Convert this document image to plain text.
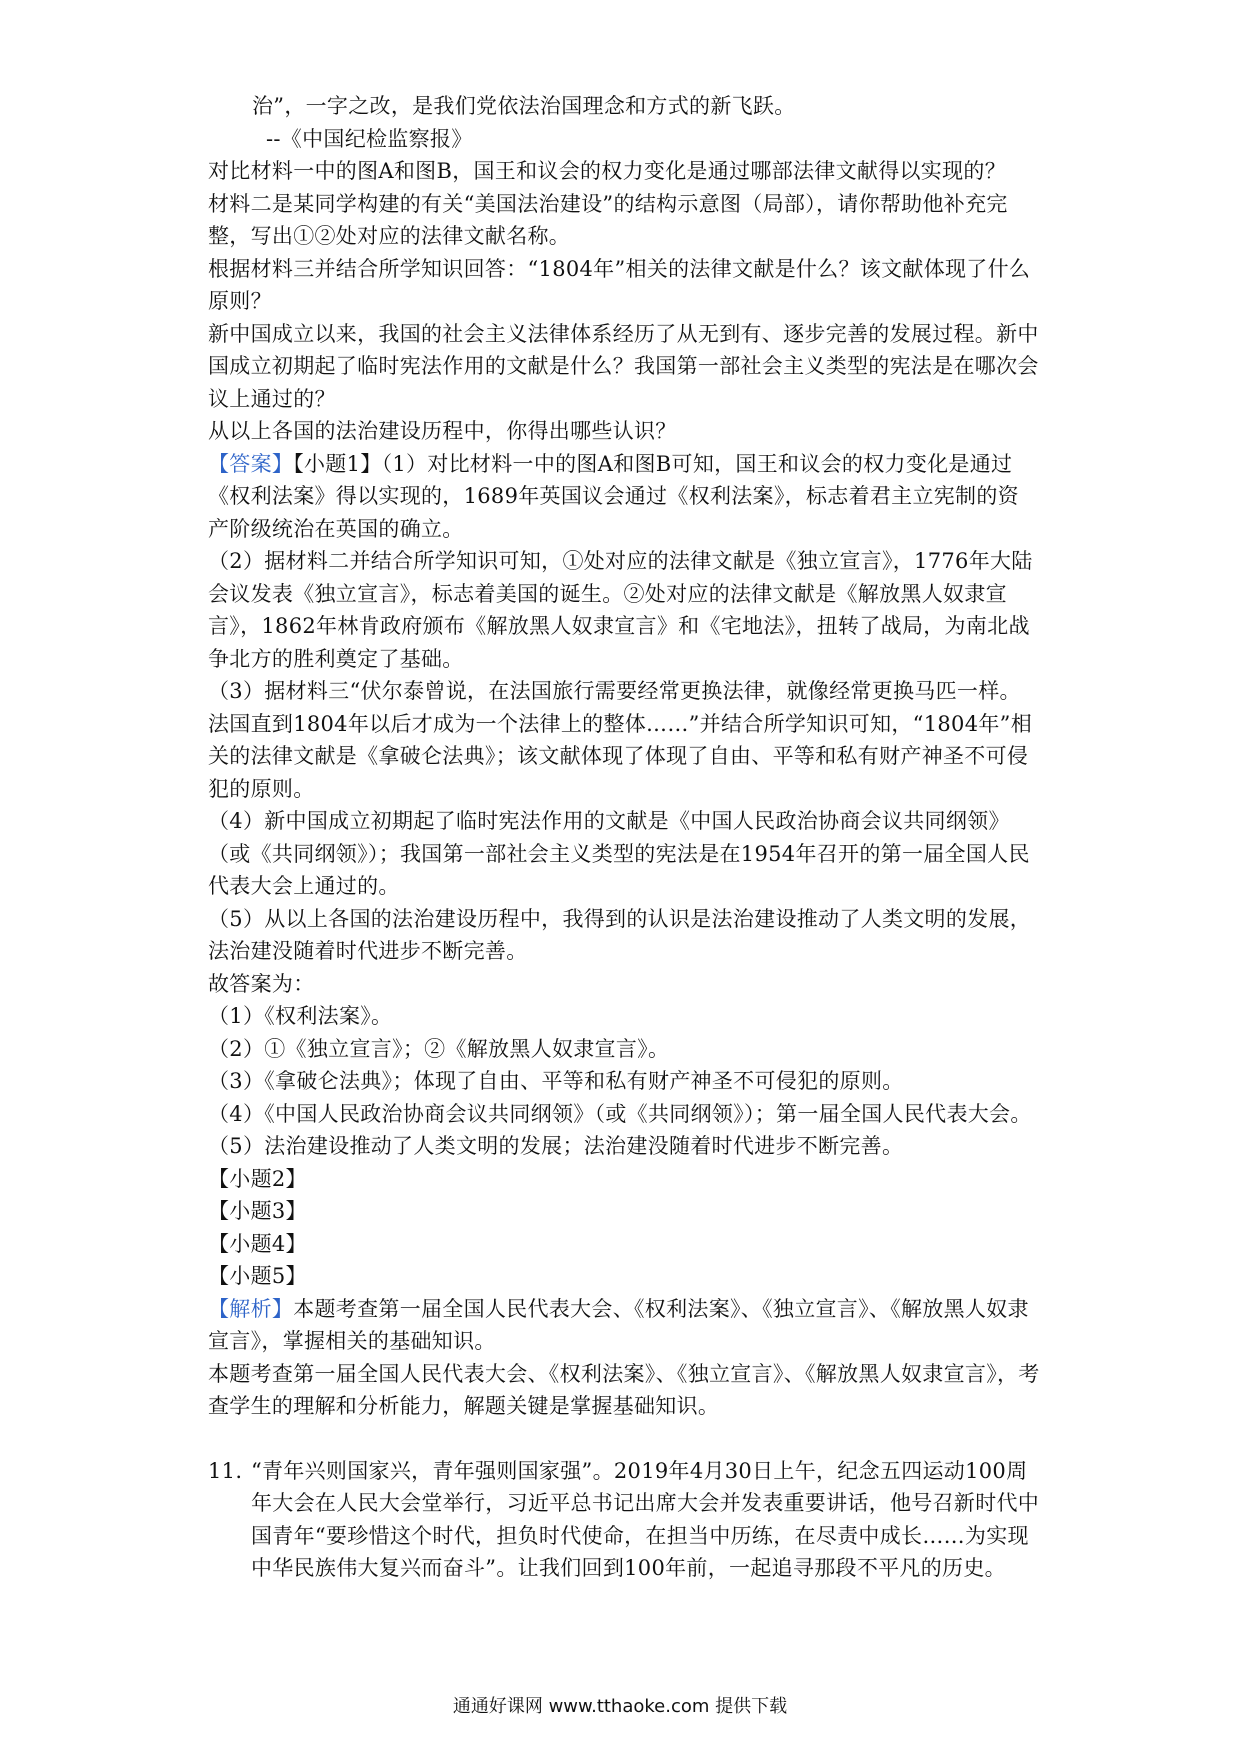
治”，一字之改，是我们党依法治国理念和方式的新飞跃。

--《中国纪检监察报》

对比材料一中的图A和图B，国王和议会的权力变化是通过哪部法律文献得以实现的？

材料二是某同学构建的有关“美国法治建设”的结构示意图（局部），请你帮助他补充完整，写出①②处对应的法律文献名称。

根据材料三并结合所学知识回答：“1804年”相关的法律文献是什么？该文献体现了什么原则？

新中国成立以来，我国的社会主义法律体系经历了从无到有、逐步完善的发展过程。新中国成立初期起了临时宪法作用的文献是什么？我国第一部社会主义类型的宪法是在哪次会议上通过的？

从以上各国的法治建设历程中，你得出哪些认识？

【答案】【小题1】（1）对比材料一中的图A和图B可知，国王和议会的权力变化是通过《权利法案》得以实现的，1689年英国议会通过《权利法案》，标志着君主立宪制的资产阶级统治在英国的确立。

（2）据材料二并结合所学知识可知，①处对应的法律文献是《独立宣言》，1776年大陆会议发表《独立宣言》，标志着美国的诞生。②处对应的法律文献是《解放黑人奴隶宣言》，1862年林肯政府颁布《解放黑人奴隶宣言》和《宅地法》，扭转了战局，为南北战争北方的胜利奠定了基础。

（3）据材料三“伏尔泰曾说，在法国旅行需要经常更换法律，就像经常更换马匹一样。法国直到1804年以后才成为一个法律上的整体……”并结合所学知识可知，“1804年”相关的法律文献是《拿破仑法典》；该文献体现了体现了自由、平等和私有财产神圣不可侵犯的原则。

（4）新中国成立初期起了临时宪法作用的文献是《中国人民政治协商会议共同纲领》（或《共同纲领》）；我国第一部社会主义类型的宪法是在1954年召开的第一届全国人民代表大会上通过的。

（5）从以上各国的法治建设历程中，我得到的认识是法治建设推动了人类文明的发展，法治建没随着时代进步不断完善。

故答案为：

（1）《权利法案》。

（2）①《独立宣言》；②《解放黑人奴隶宣言》。

（3）《拿破仑法典》；体现了自由、平等和私有财产神圣不可侵犯的原则。

（4）《中国人民政治协商会议共同纲领》（或《共同纲领》）；第一届全国人民代表大会。

（5）法治建设推动了人类文明的发展；法治建没随着时代进步不断完善。

【小题2】

【小题3】

【小题4】

【小题5】

【解析】本题考查第一届全国人民代表大会、《权利法案》、《独立宣言》、《解放黑人奴隶宣言》，掌握相关的基础知识。

本题考查第一届全国人民代表大会、《权利法案》、《独立宣言》、《解放黑人奴隶宣言》，考查学生的理解和分析能力，解题关键是掌握基础知识。

11. “青年兴则国家兴，青年强则国家强”。2019年4月30日上午，纪念五四运动100周年大会在人民大会堂举行，习近平总书记出席大会并发表重要讲话，他号召新时代中国青年“要珍惜这个时代，担负时代使命，在担当中历练，在尽责中成长……为实现中华民族伟大复兴而奋斗”。让我们回到100年前，一起追寻那段不平凡的历史。

通通好课网 www.tthaoke.com 提供下载
